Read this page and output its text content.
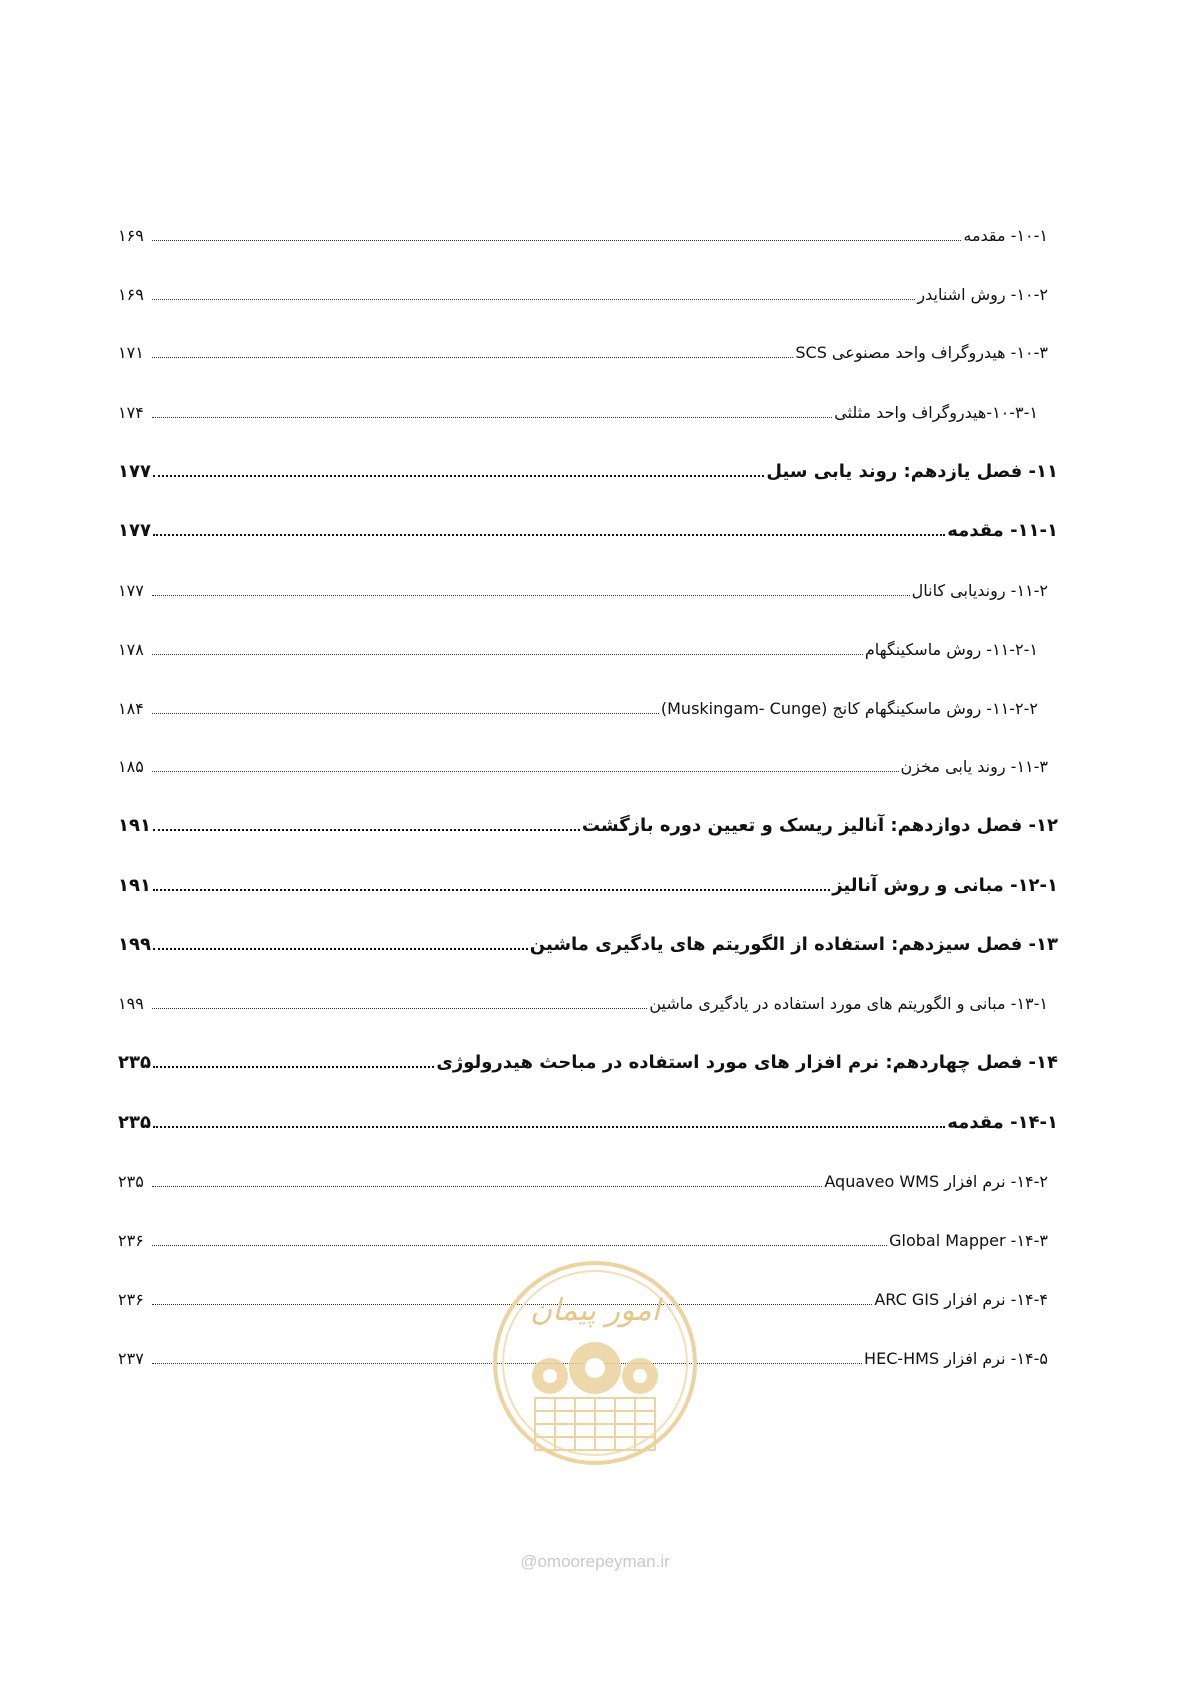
۱۰-۱- مقدمه
۱۶۹
۱۰-۲- روش اشنایدر
۱۶۹
۱۰-۳- هیدروگراف واحد مصنوعی SCS
۱۷۱
۱۰-۳-۱-هیدروگراف واحد مثلثی
۱۷۴
۱۱- فصل یازدهم: روند یابی سیل
۱۷۷
۱۱-۱- مقدمه
۱۷۷
۱۱-۲- روندیابی کانال
۱۷۷
۱۱-۲-۱- روش ماسکینگهام
۱۷۸
۱۱-۲-۲- روش ماسکینگهام کانج (Muskingam- Cunge)
۱۸۴
۱۱-۳- روند یابی مخزن
۱۸۵
۱۲- فصل دوازدهم: آنالیز ریسک و تعیین دوره بازگشت
۱۹۱
۱۲-۱- مبانی و روش آنالیز
۱۹۱
۱۳- فصل سیزدهم: استفاده از الگوریتم های یادگیری ماشین
۱۹۹
۱۳-۱- مبانی و الگوریتم های مورد استفاده در یادگیری ماشین
۱۹۹
۱۴- فصل چهاردهم: نرم افزار های مورد استفاده در مباحث هیدرولوژی
۲۳۵
۱۴-۱- مقدمه
۲۳۵
۱۴-۲- نرم افزار Aquaveo WMS
۲۳۵
۱۴-۳- Global Mapper
۲۳۶
۱۴-۴- نرم افزار ARC GIS
۲۳۶
۱۴-۵- نرم افزار HEC-HMS
۲۳۷
امور پیمان
@omoorepeyman.ir
